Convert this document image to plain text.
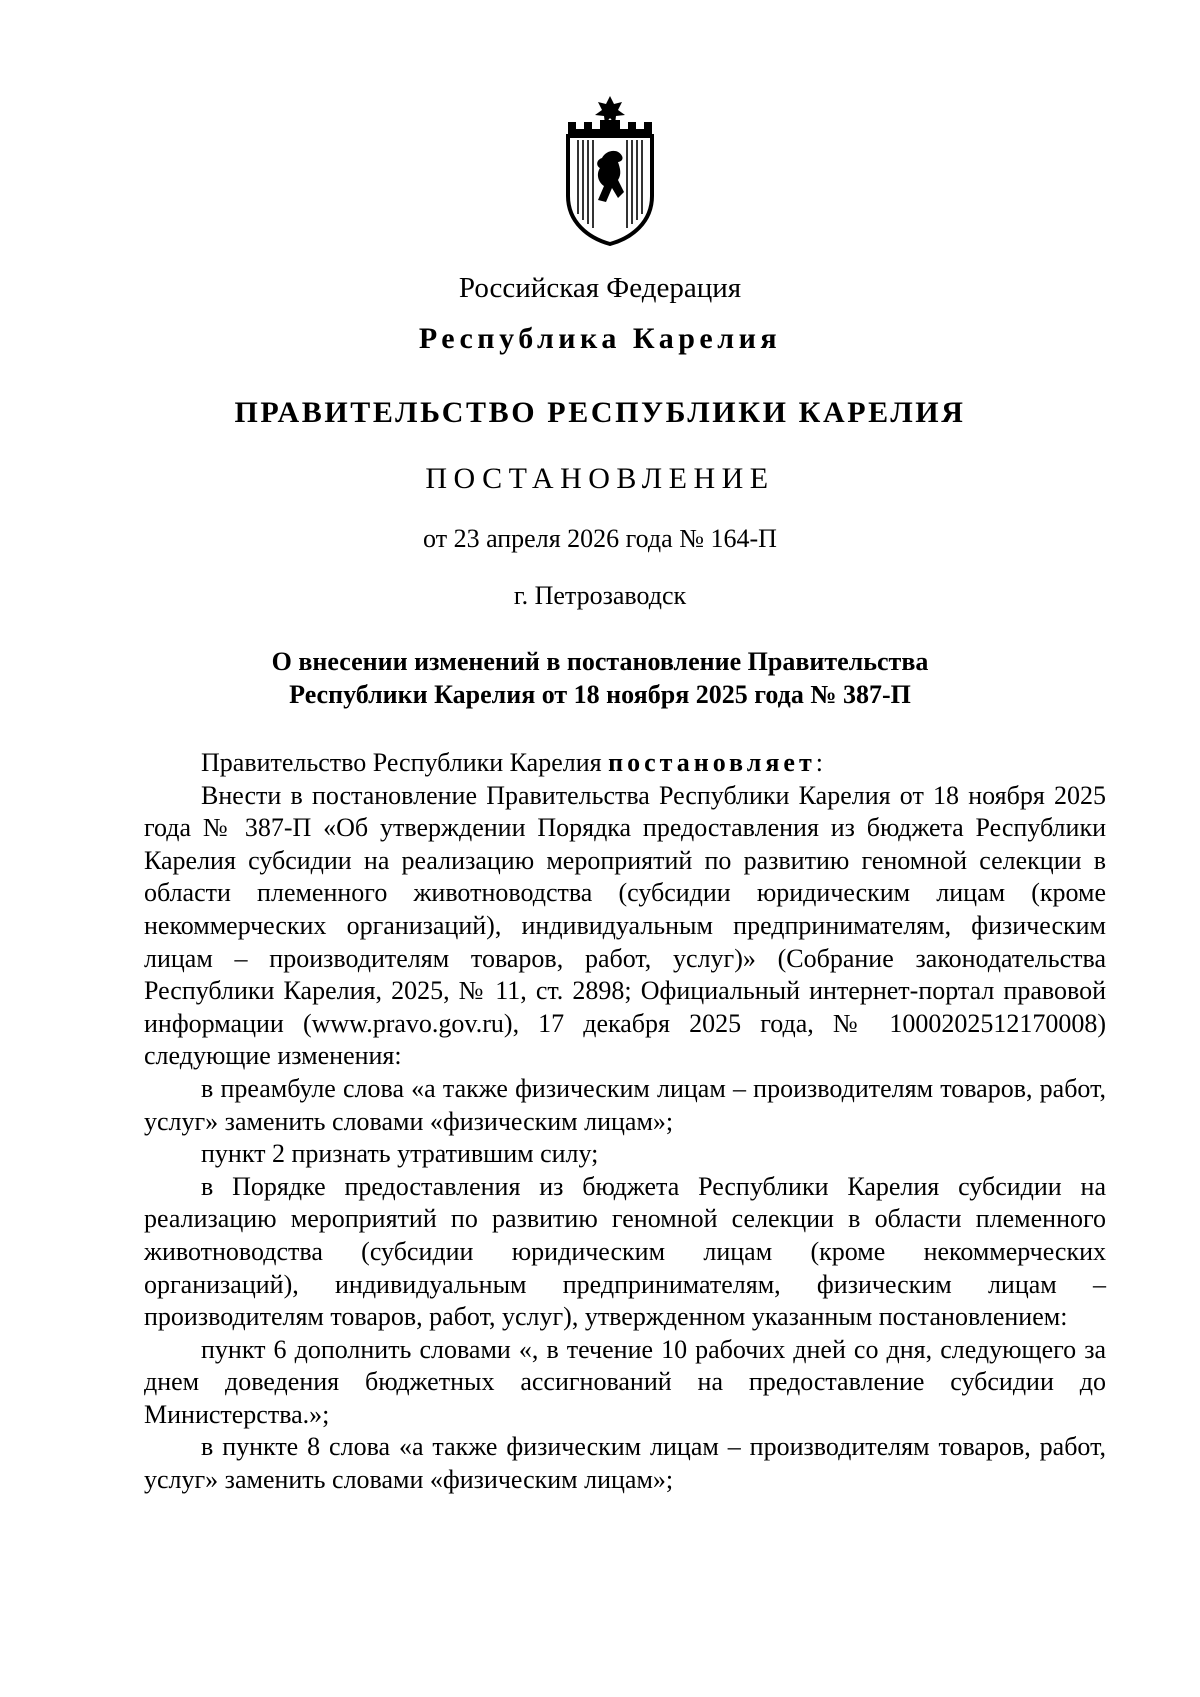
Российская Федерация
Республика Карелия
ПРАВИТЕЛЬСТВО РЕСПУБЛИКИ КАРЕЛИЯ
ПОСТАНОВЛЕНИЕ
от 23 апреля 2026 года № 164-П
г. Петрозаводск
О внесении изменений в постановление Правительства
Республики Карелия от 18 ноября 2025 года № 387-П

Правительство Республики Карелия постановляет:

Внести в постановление Правительства Республики Карелия от 18 ноября 2025 года № 387-П «Об утверждении Порядка предоставления из бюджета Республики Карелия субсидии на реализацию мероприятий по развитию геномной селекции в области племенного животноводства (субсидии юридическим лицам (кроме некоммерческих организаций), индивидуальным предпринимателям, физическим лицам – производителям товаров, работ, услуг)» (Собрание законодательства Республики Карелия, 2025, № 11, ст. 2898; Официальный интернет-портал правовой информации (www.pravo.gov.ru), 17 декабря 2025 года, № 1000202512170008) следующие изменения:

в преамбуле слова «а также физическим лицам – производителям товаров, работ, услуг» заменить словами «физическим лицам»;

пункт 2 признать утратившим силу;

в Порядке предоставления из бюджета Республики Карелия субсидии на реализацию мероприятий по развитию геномной селекции в области племенного животноводства (субсидии юридическим лицам (кроме некоммерческих организаций), индивидуальным предпринимателям, физическим лицам – производителям товаров, работ, услуг), утвержденном указанным постановлением:

пункт 6 дополнить словами «, в течение 10 рабочих дней со дня, следующего за днем доведения бюджетных ассигнований на предоставление субсидии до Министерства.»;

в пункте 8 слова «а также физическим лицам – производителям товаров, работ, услуг» заменить словами «физическим лицам»;
